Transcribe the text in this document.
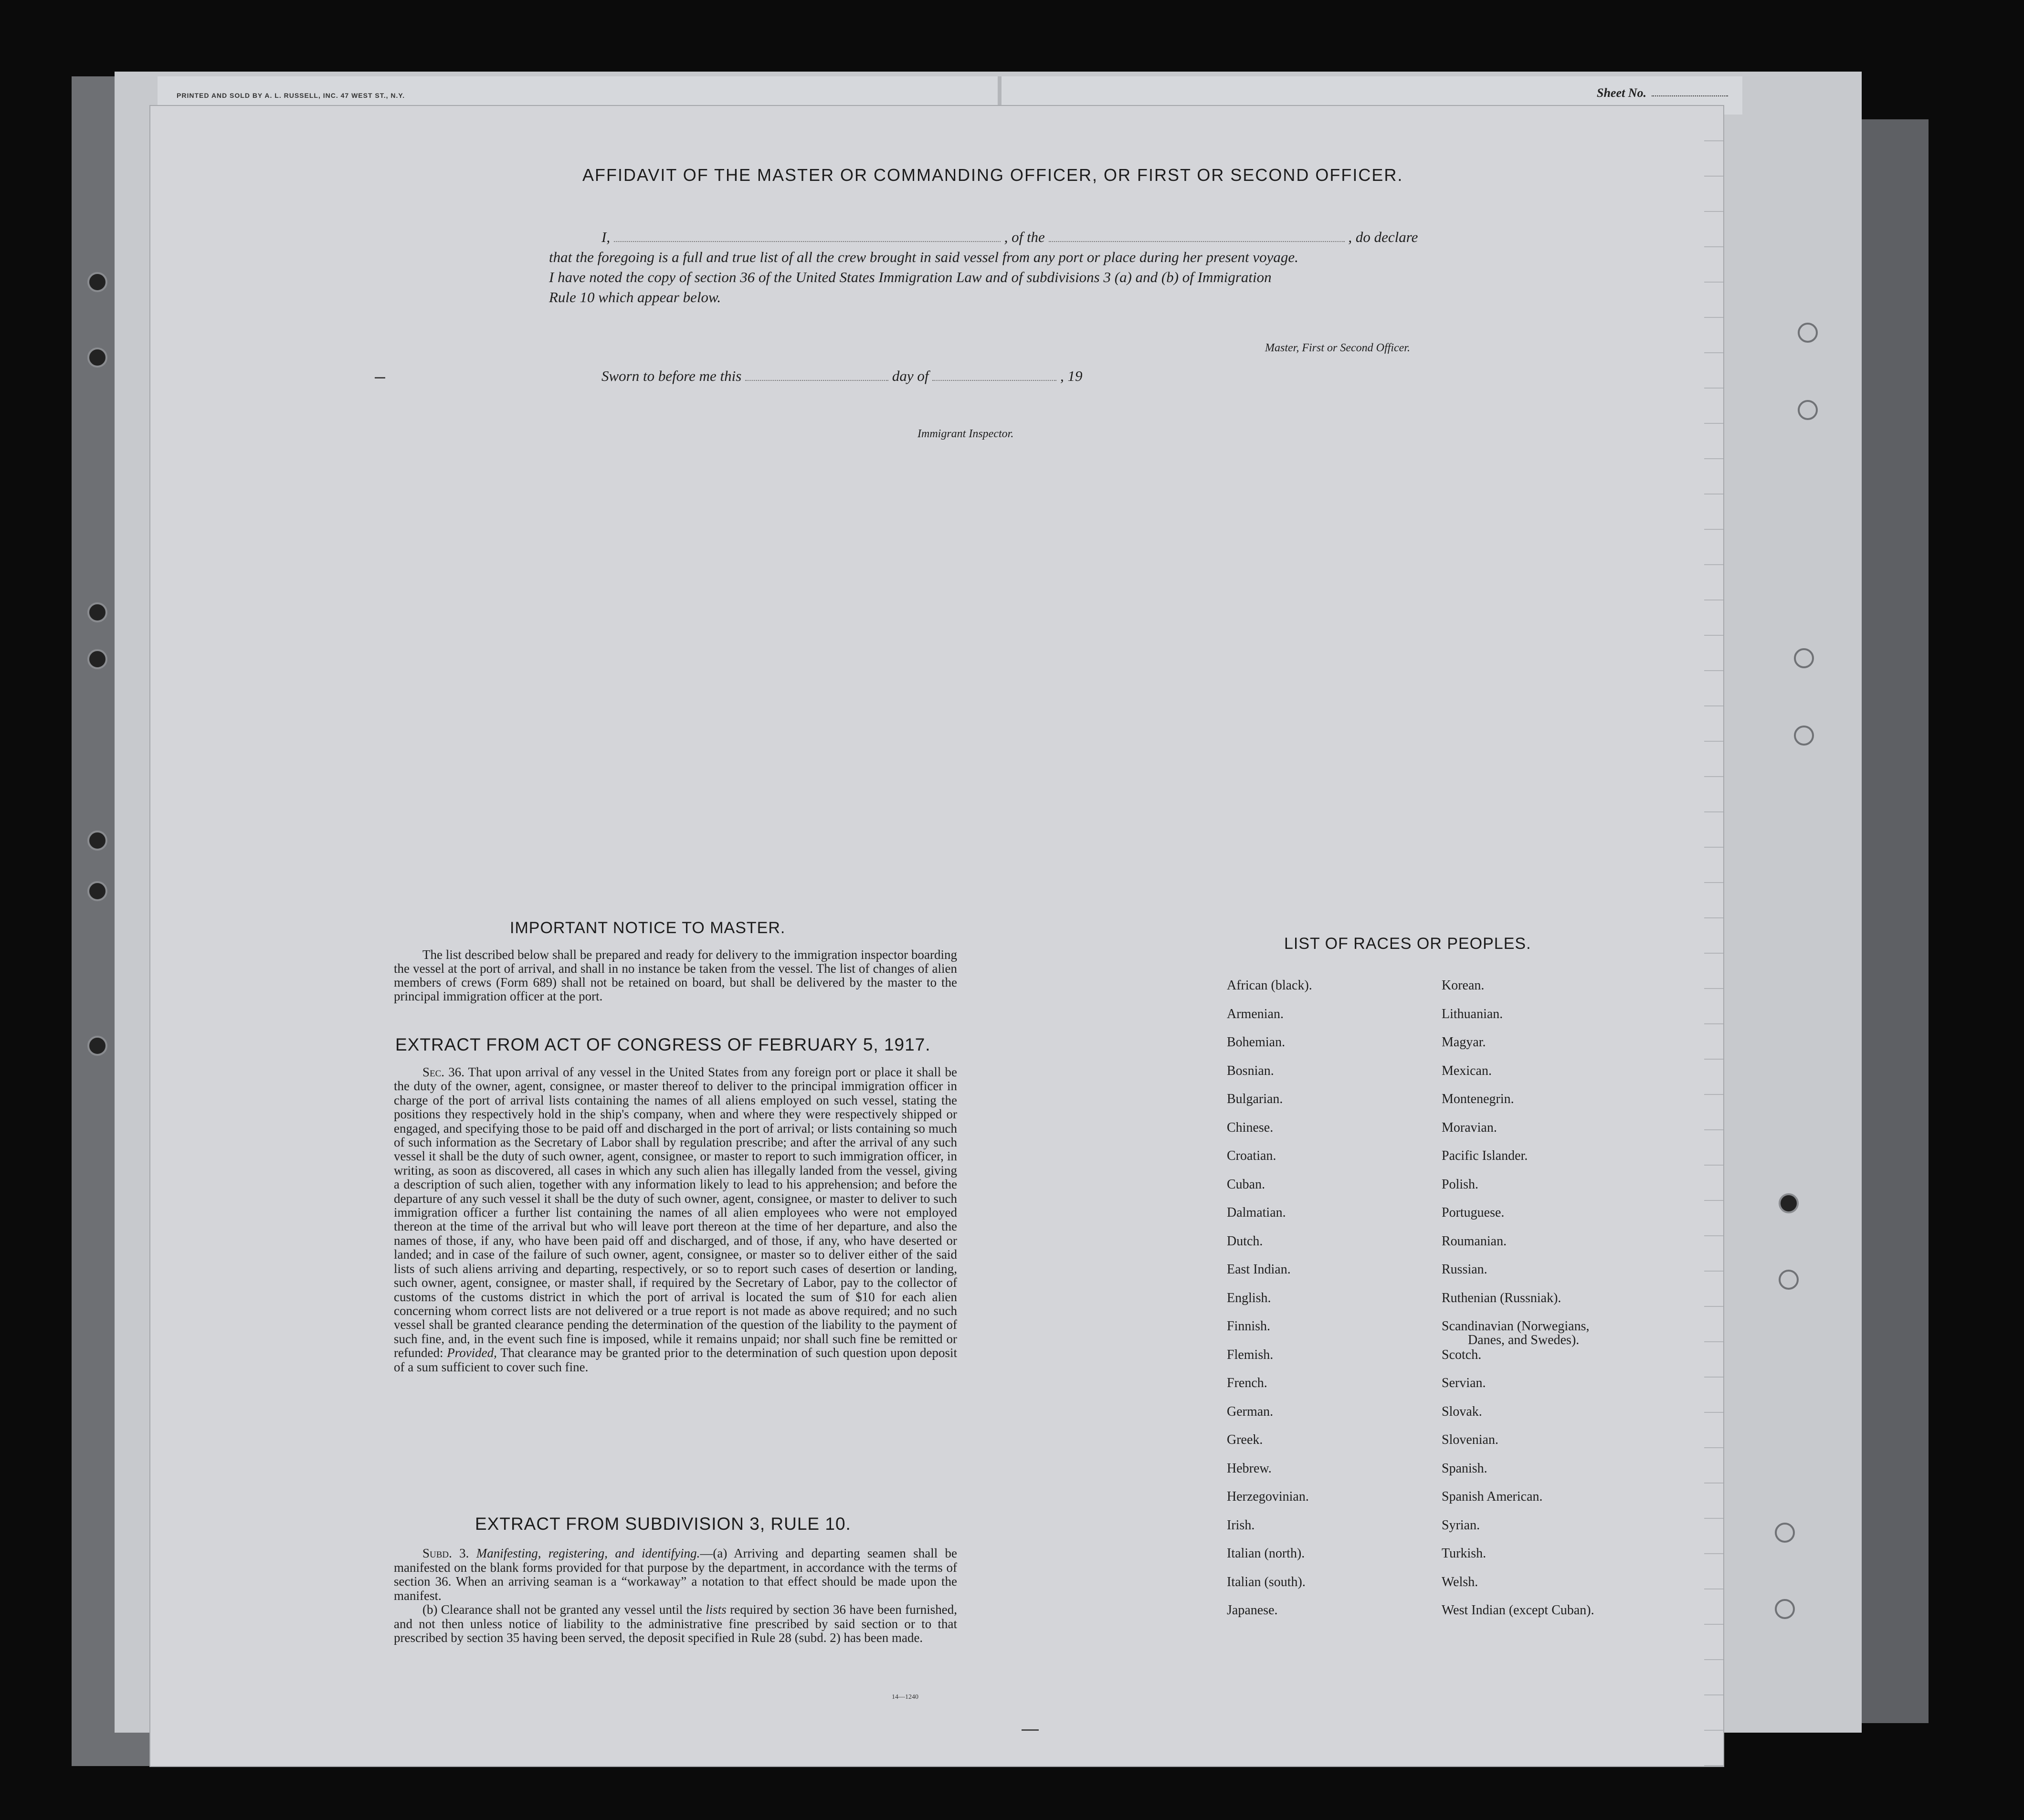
PRINTED AND SOLD BY A. L. RUSSELL, INC. 47 WEST ST., N.Y.	Sheet No.
AFFIDAVIT OF THE MASTER OR COMMANDING OFFICER, OR FIRST OR SECOND OFFICER.
I,	, of the	, do declare
that the foregoing is a full and true list of all the crew brought in said vessel from any port or place during her present voyage.
I have noted the copy of section 36 of the United States Immigration Law and of subdivisions 3 (a) and (b) of Immigration
Rule 10 which appear below.
Master, First or Second Officer.
Sworn to before me this	day of	, 19
Immigrant Inspector.
IMPORTANT NOTICE TO MASTER.
The list described below shall be prepared and ready for delivery to the immigration inspector boarding the vessel at the port of arrival, and shall in no instance be taken from the vessel. The list of changes of alien members of crews (Form 689) shall not be retained on board, but shall be delivered by the master to the principal immigration officer at the port.
EXTRACT FROM ACT OF CONGRESS OF FEBRUARY 5, 1917.
Sec. 36. That upon arrival of any vessel in the United States from any foreign port or place it shall be the duty of the owner, agent, consignee, or master thereof to deliver to the principal immigration officer in charge of the port of arrival lists containing the names of all aliens employed on such vessel, stating the positions they respectively hold in the ship's company, when and where they were respectively shipped or engaged, and specifying those to be paid off and discharged in the port of arrival; or lists containing so much of such information as the Secretary of Labor shall by regulation prescribe; and after the arrival of any such vessel it shall be the duty of such owner, agent, consignee, or master to report to such immigration officer, in writing, as soon as discovered, all cases in which any such alien has illegally landed from the vessel, giving a description of such alien, together with any information likely to lead to his apprehension; and before the departure of any such vessel it shall be the duty of such owner, agent, consignee, or master to deliver to such immigration officer a further list containing the names of all alien employees who were not employed thereon at the time of the arrival but who will leave port thereon at the time of her departure, and also the names of those, if any, who have been paid off and discharged, and of those, if any, who have deserted or landed; and in case of the failure of such owner, agent, consignee, or master so to deliver either of the said lists of such aliens arriving and departing, respectively, or so to report such cases of desertion or landing, such owner, agent, consignee, or master shall, if required by the Secretary of Labor, pay to the collector of customs of the customs district in which the port of arrival is located the sum of $10 for each alien concerning whom correct lists are not delivered or a true report is not made as above required; and no such vessel shall be granted clearance pending the determination of the question of the liability to the payment of such fine, and, in the event such fine is imposed, while it remains unpaid; nor shall such fine be remitted or refunded: Provided, That clearance may be granted prior to the determination of such question upon deposit of a sum sufficient to cover such fine.
EXTRACT FROM SUBDIVISION 3, RULE 10.

Subd. 3. Manifesting, registering, and identifying.—(a) Arriving and departing seamen shall be manifested on the blank forms provided for that purpose by the department, in accordance with the terms of section 36. When an arriving seaman is a “workaway” a notation to that effect should be made upon the manifest.

(b) Clearance shall not be granted any vessel until the lists required by section 36 have been furnished, and not then unless notice of liability to the administrative fine prescribed by said section or to that prescribed by section 35 having been served, the deposit specified in Rule 28 (subd. 2) has been made.

14—1240
LIST OF RACES OR PEOPLES.
African (black).
Armenian.
Bohemian.
Bosnian.
Bulgarian.
Chinese.
Croatian.
Cuban.
Dalmatian.
Dutch.
East Indian.
English.
Finnish.
Flemish.
French.
German.
Greek.
Hebrew.
Herzegovinian.
Irish.
Italian (north).
Italian (south).
Japanese.
Korean.
Lithuanian.
Magyar.
Mexican.
Montenegrin.
Moravian.
Pacific Islander.
Polish.
Portuguese.
Roumanian.
Russian.
Ruthenian (Russniak).
Scandinavian (Norwegians,
Danes, and Swedes).
Scotch.
Servian.
Slovak.
Slovenian.
Spanish.
Spanish American.
Syrian.
Turkish.
Welsh.
West Indian (except Cuban).
